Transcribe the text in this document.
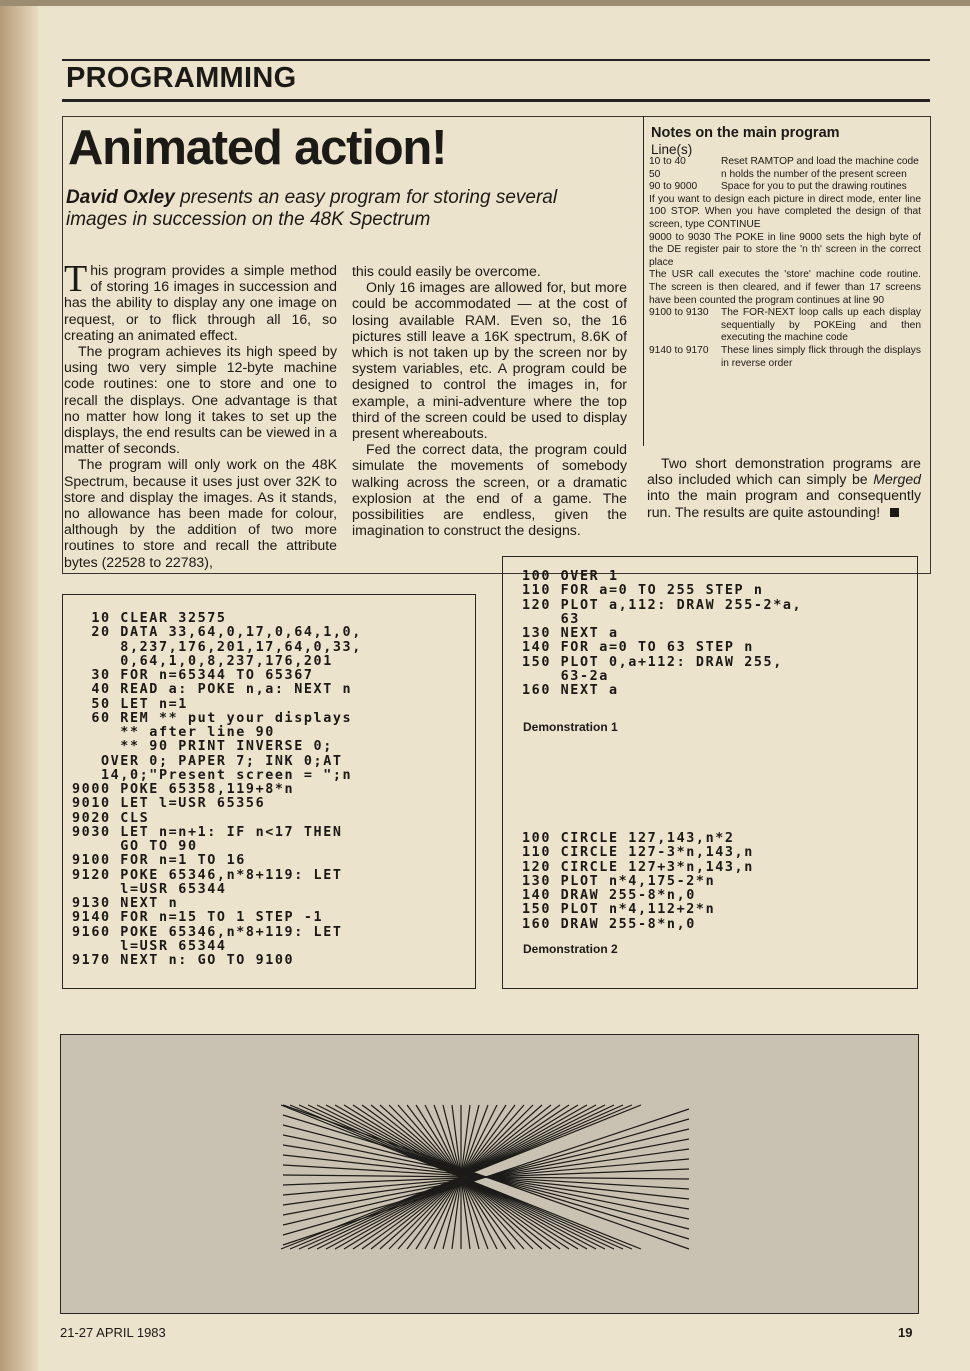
PROGRAMMING
Animated action!
David Oxley presents an easy program for storing several images in succession on the 48K Spectrum

This program provides a simple method of storing 16 images in succession and has the ability to display any one image on request, or to flick through all 16, so creating an animated effect.

The program achieves its high speed by using two very simple 12-byte machine code routines: one to store and one to recall the displays. One advantage is that no matter how long it takes to set up the displays, the end results can be viewed in a matter of seconds.

The program will only work on the 48K Spectrum, because it uses just over 32K to store and display the images. As it stands, no allowance has been made for colour, although by the addition of two more routines to store and recall the attribute bytes (22528 to 22783),

this could easily be overcome.

Only 16 images are allowed for, but more could be accommodated — at the cost of losing available RAM. Even so, the 16 pictures still leave a 16K spectrum, 8.6K of which is not taken up by the screen nor by system variables, etc. A program could be designed to control the images in, for example, a mini-adventure where the top third of the screen could be used to display present whereabouts.

Fed the correct data, the program could simulate the movements of somebody walking across the screen, or a dramatic explosion at the end of a game. The possibilities are endless, given the imagination to construct the designs.

Notes on the main program
Line(s)
10 to 40	Reset RAMTOP and load the machine code
50	n holds the number of the present screen
90 to 9000	Space for you to put the drawing routines
If you want to design each picture in direct mode, enter line 100 STOP. When you have completed the design of that screen, type CONTINUE
9000 to 9030 The POKE in line 9000 sets the high byte of the DE register pair to store the 'n th' screen in the correct place
The USR call executes the 'store' machine code routine. The screen is then cleared, and if fewer than 17 screens have been counted the program continues at line 90
9100 to 9130	The FOR-NEXT loop calls up each display sequentially by POKEing and then executing the machine code
9140 to 9170	These lines simply flick through the displays in reverse order

Two short demonstration programs are also included which can simply be Merged into the main program and consequently run. The results are quite astounding!

10 CLEAR 32575
20 DATA 33,64,0,17,0,64,1,0,
8,237,176,201,17,64,0,33,
0,64,1,0,8,237,176,201
30 FOR n=65344 TO 65367
40 READ a: POKE n,a: NEXT n
50 LET n=1
60 REM ** put your displays
** after line 90
** 90 PRINT INVERSE 0;
OVER 0; PAPER 7; INK 0;AT
14,0;"Present screen = ";n
9000 POKE 65358,119+8*n
9010 LET l=USR 65356
9020 CLS
9030 LET n=n+1: IF n<17 THEN
GO TO 90
9100 FOR n=1 TO 16
9120 POKE 65346,n*8+119: LET
l=USR 65344
9130 NEXT n
9140 FOR n=15 TO 1 STEP -1
9160 POKE 65346,n*8+119: LET
l=USR 65344
9170 NEXT n: GO TO 9100
100 OVER 1
110 FOR a=0 TO 255 STEP n
120 PLOT a,112: DRAW 255-2*a,
63
130 NEXT a
140 FOR a=0 TO 63 STEP n
150 PLOT 0,a+112: DRAW 255,
63-2a
160 NEXT a
Demonstration 1
100 CIRCLE 127,143,n*2
110 CIRCLE 127-3*n,143,n
120 CIRCLE 127+3*n,143,n
130 PLOT n*4,175-2*n
140 DRAW 255-8*n,0
150 PLOT n*4,112+2*n
160 DRAW 255-8*n,0
Demonstration 2
21-27 APRIL 1983	19
